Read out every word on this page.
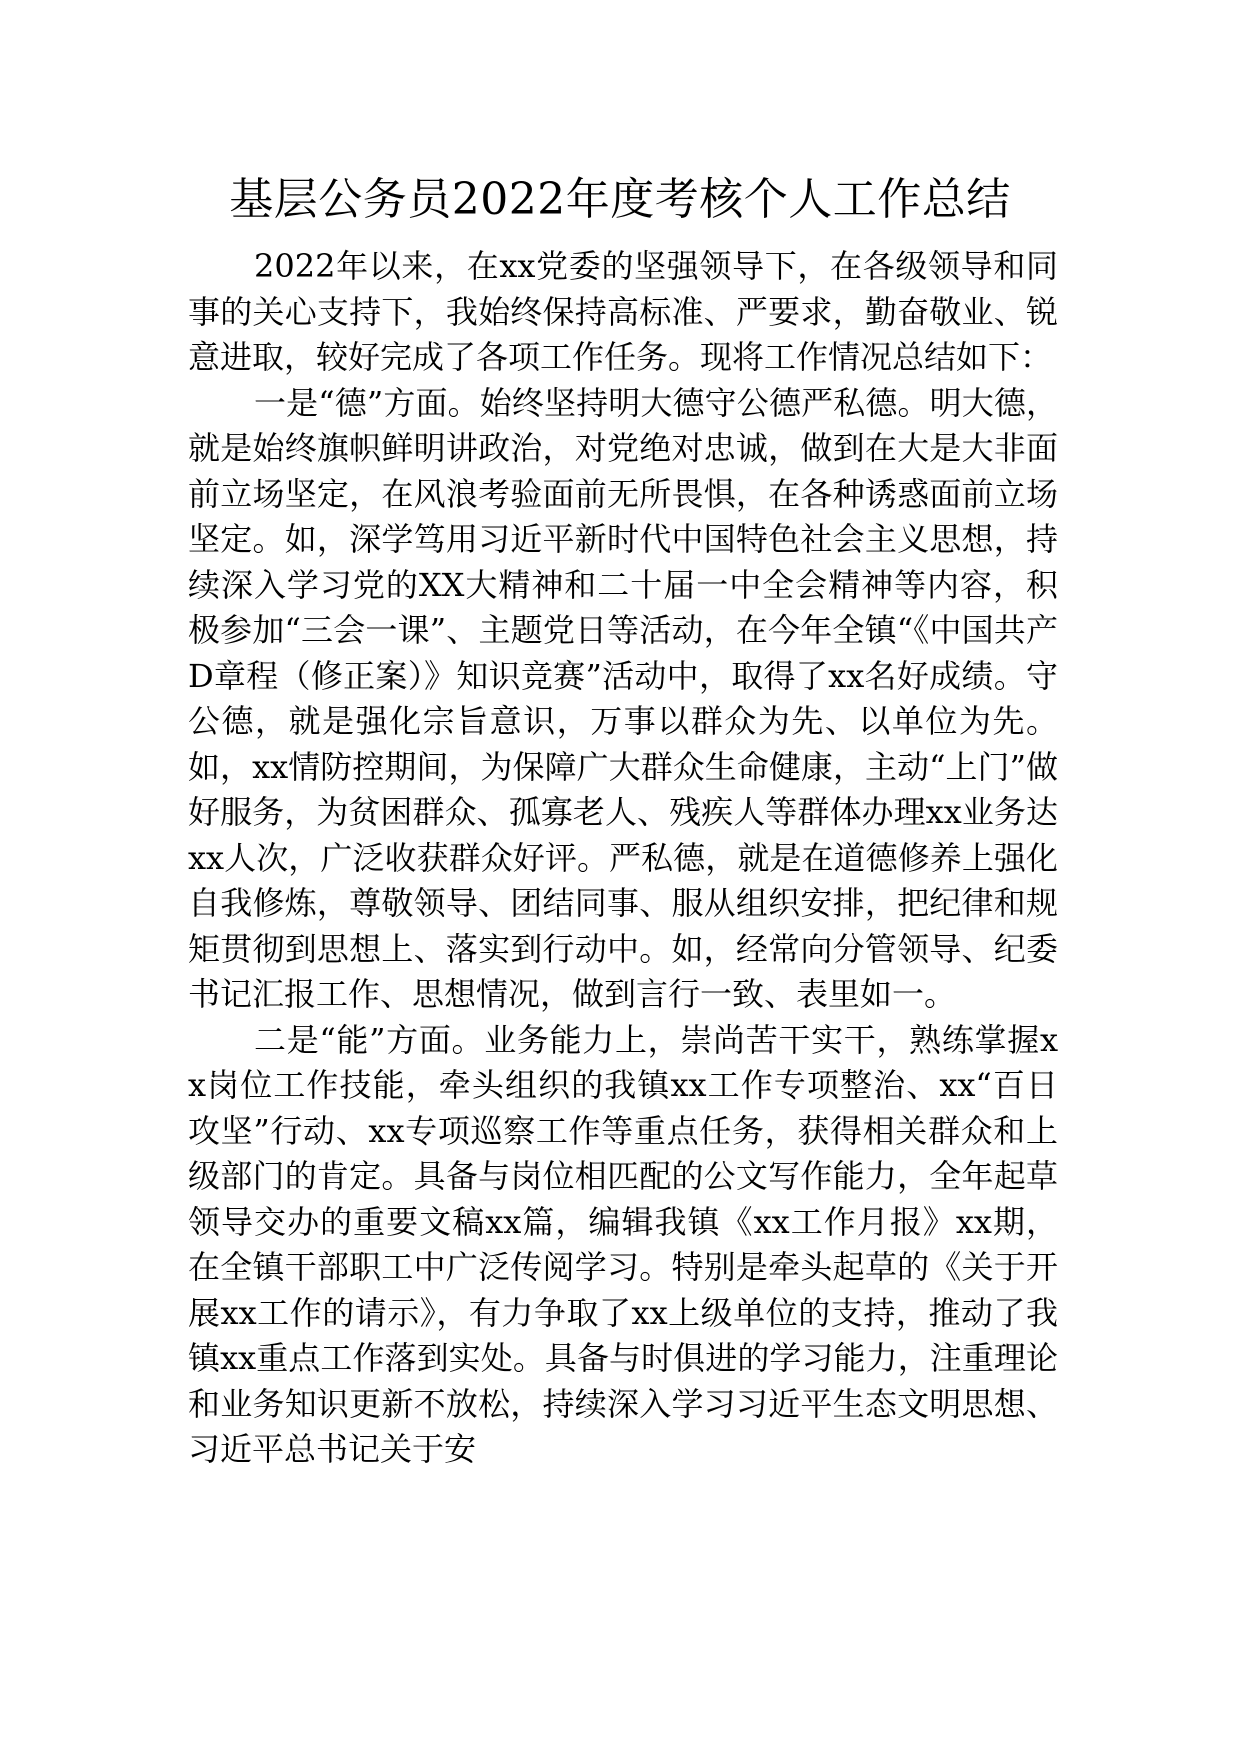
基层公务员2022年度考核个人工作总结

2022年以来，在xx党委的坚强领导下，在各级领导和同事的关心支持下，我始终保持高标准、严要求，勤奋敬业、锐意进取，较好完成了各项工作任务。现将工作情况总结如下：

一是“德”方面。始终坚持明大德守公德严私德。明大德，就是始终旗帜鲜明讲政治，对党绝对忠诚，做到在大是大非面前立场坚定，在风浪考验面前无所畏惧，在各种诱惑面前立场坚定。如，深学笃用习近平新时代中国特色社会主义思想，持续深入学习党的XX大精神和二十届一中全会精神等内容，积极参加“三会一课”、主题党日等活动，在今年全镇“《中国共产D章程（修正案）》知识竞赛”活动中，取得了xx名好成绩。守公德，就是强化宗旨意识，万事以群众为先、以单位为先。如，xx情防控期间，为保障广大群众生命健康，主动“上门”做好服务，为贫困群众、孤寡老人、残疾人等群体办理xx业务达xx人次，广泛收获群众好评。严私德，就是在道德修养上强化自我修炼，尊敬领导、团结同事、服从组织安排，把纪律和规矩贯彻到思想上、落实到行动中。如，经常向分管领导、纪委书记汇报工作、思想情况，做到言行一致、表里如一。

二是“能”方面。业务能力上，崇尚苦干实干，熟练掌握xx岗位工作技能，牵头组织的我镇xx工作专项整治、xx“百日攻坚”行动、xx专项巡察工作等重点任务，获得相关群众和上级部门的肯定。具备与岗位相匹配的公文写作能力，全年起草领导交办的重要文稿xx篇，编辑我镇《xx工作月报》xx期，在全镇干部职工中广泛传阅学习。特别是牵头起草的《关于开展xx工作的请示》，有力争取了xx上级单位的支持，推动了我镇xx重点工作落到实处。具备与时俱进的学习能力，注重理论和业务知识更新不放松，持续深入学习习近平生态文明思想、习近平总书记关于安
